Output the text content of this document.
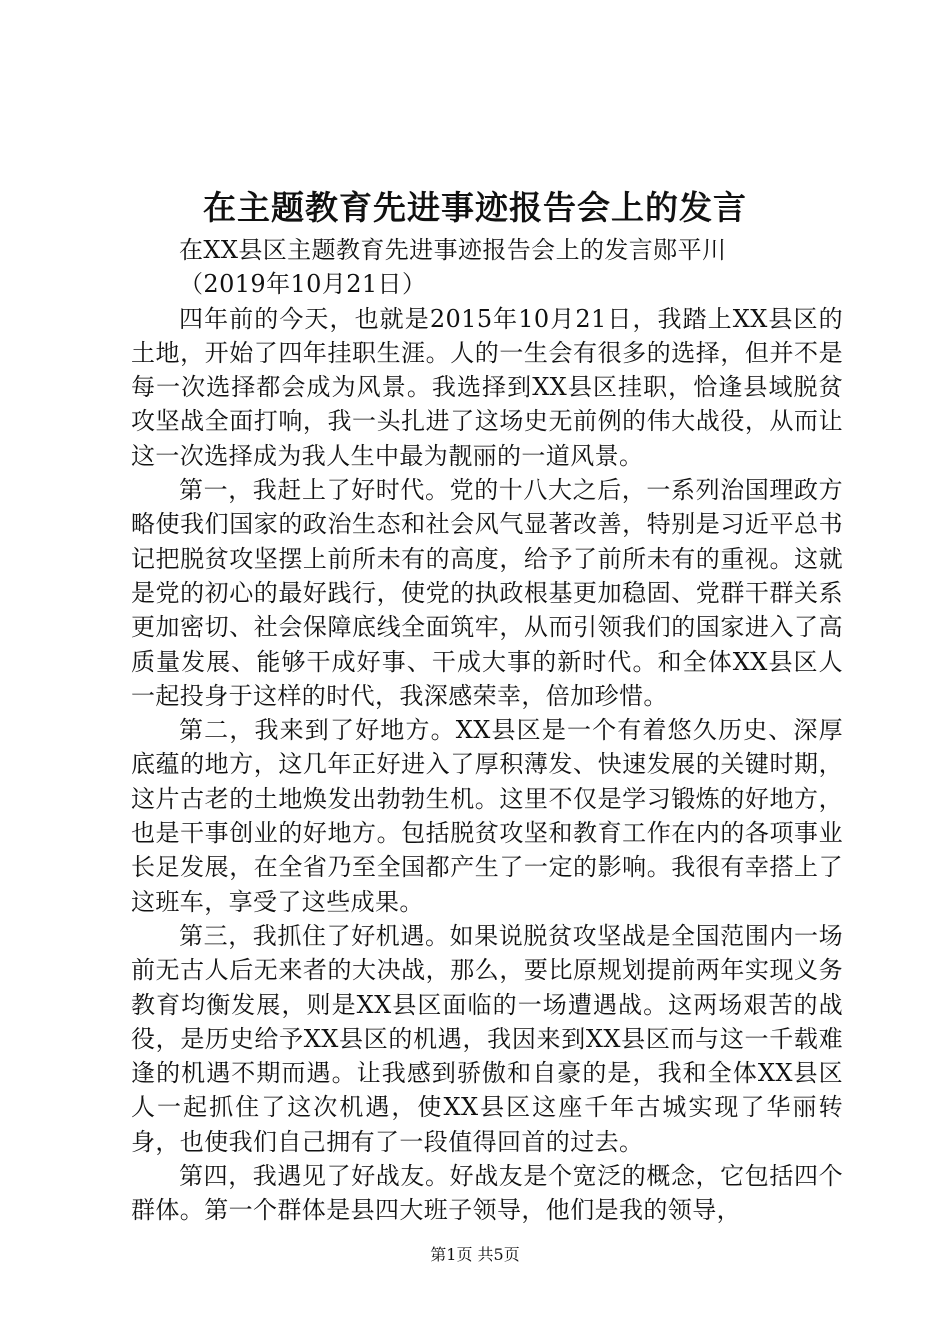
在主题教育先进事迹报告会上的发言

在XX县区主题教育先进事迹报告会上的发言郧平川

（2019年10月21日）

四年前的今天，也就是2015年10月21日，我踏上XX县区的土地，开始了四年挂职生涯。人的一生会有很多的选择，但并不是每一次选择都会成为风景。我选择到XX县区挂职，恰逢县域脱贫攻坚战全面打响，我一头扎进了这场史无前例的伟大战役，从而让这一次选择成为我人生中最为靓丽的一道风景。

第一，我赶上了好时代。党的十八大之后，一系列治国理政方略使我们国家的政治生态和社会风气显著改善，特别是习近平总书记把脱贫攻坚摆上前所未有的高度，给予了前所未有的重视。这就是党的初心的最好践行，使党的执政根基更加稳固、党群干群关系更加密切、社会保障底线全面筑牢，从而引领我们的国家进入了高质量发展、能够干成好事、干成大事的新时代。和全体XX县区人一起投身于这样的时代，我深感荣幸，倍加珍惜。

第二，我来到了好地方。XX县区是一个有着悠久历史、深厚底蕴的地方，这几年正好进入了厚积薄发、快速发展的关键时期，这片古老的土地焕发出勃勃生机。这里不仅是学习锻炼的好地方，也是干事创业的好地方。包括脱贫攻坚和教育工作在内的各项事业长足发展，在全省乃至全国都产生了一定的影响。我很有幸搭上了这班车，享受了这些成果。

第三，我抓住了好机遇。如果说脱贫攻坚战是全国范围内一场前无古人后无来者的大决战，那么，要比原规划提前两年实现义务教育均衡发展，则是XX县区面临的一场遭遇战。这两场艰苦的战役，是历史给予XX县区的机遇，我因来到XX县区而与这一千载难逢的机遇不期而遇。让我感到骄傲和自豪的是，我和全体XX县区人一起抓住了这次机遇，使XX县区这座千年古城实现了华丽转身，也使我们自己拥有了一段值得回首的过去。

第四，我遇见了好战友。好战友是个宽泛的概念，它包括四个群体。第一个群体是县四大班子领导，他们是我的领导，

第1页 共5页
